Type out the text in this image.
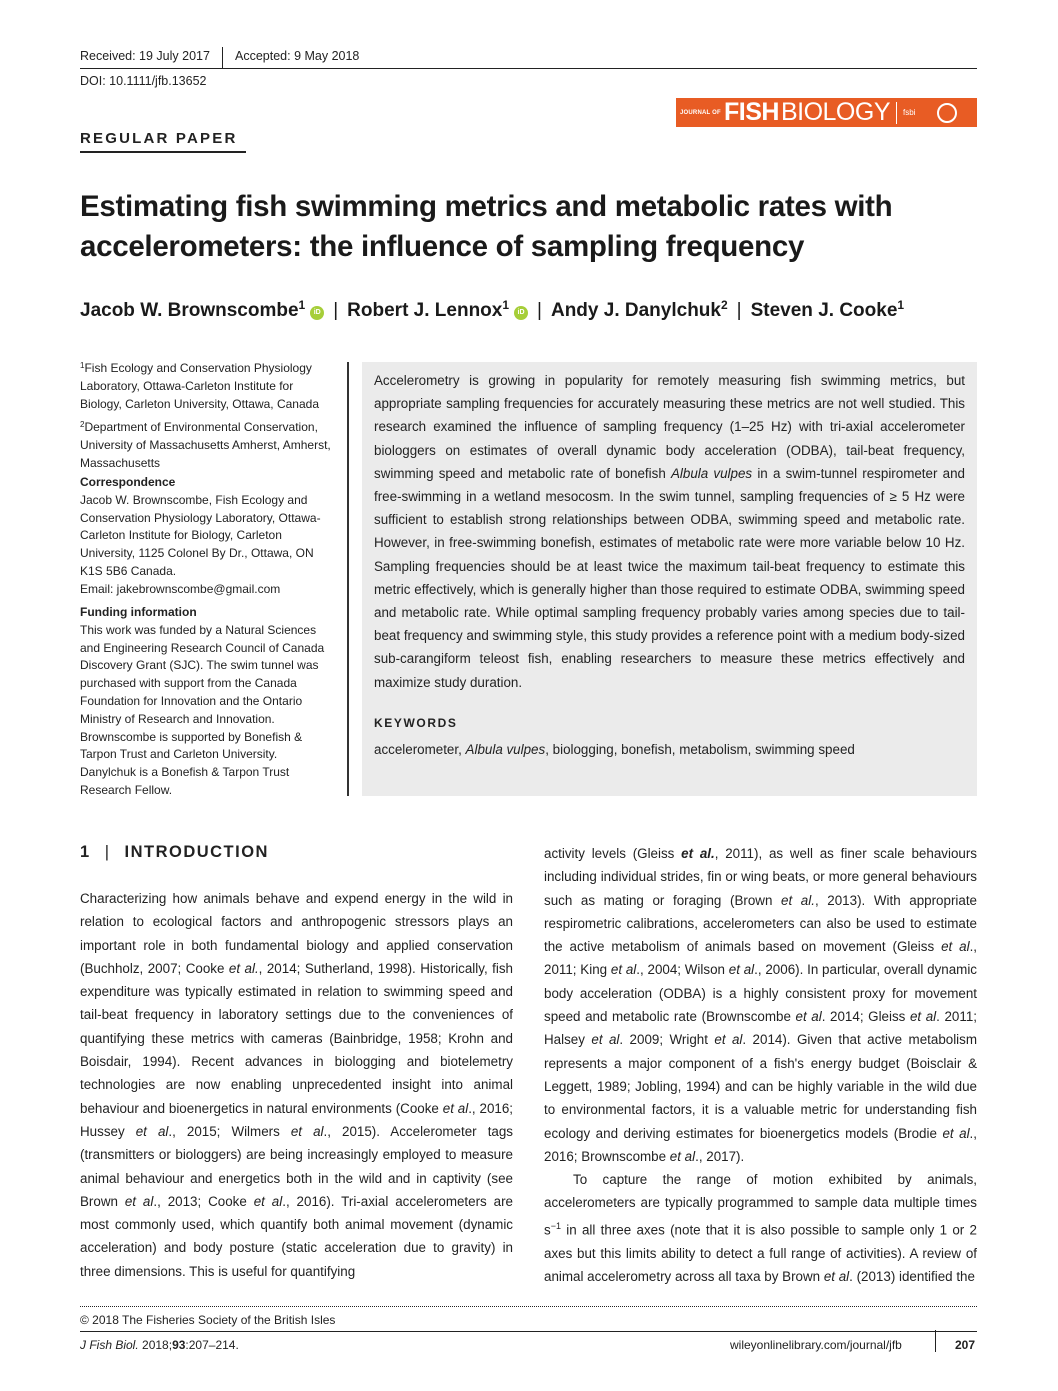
Received: 19 July 2017 Accepted: 9 May 2018
DOI: 10.1111/jfb.13652
JOURNAL OF FISH BIOLOGY fsbi
REGULAR PAPER
Estimating fish swimming metrics and metabolic rates with accelerometers: the influence of sampling frequency
Jacob W. Brownscombe$^1$iD | Robert J. Lennox$^1$iD | Andy J. Danylchuk$^2$ | Steven J. Cooke$^1$
$^1$Fish Ecology and Conservation Physiology Laboratory, Ottawa-Carleton Institute for Biology, Carleton University, Ottawa, Canada
$^2$Department of Environmental Conservation, University of Massachusetts Amherst, Amherst, Massachusetts
Correspondence
Jacob W. Brownscombe, Fish Ecology and Conservation Physiology Laboratory, Ottawa-Carleton Institute for Biology, Carleton University, 1125 Colonel By Dr., Ottawa, ON K1S 5B6 Canada.
Email: jakebrownscombe@gmail.com
Funding information
This work was funded by a Natural Sciences and Engineering Research Council of Canada Discovery Grant (SJC). The swim tunnel was purchased with support from the Canada Foundation for Innovation and the Ontario Ministry of Research and Innovation. Brownscombe is supported by Bonefish & Tarpon Trust and Carleton University. Danylchuk is a Bonefish & Tarpon Trust Research Fellow.
Accelerometry is growing in popularity for remotely measuring fish swimming metrics, but appropriate sampling frequencies for accurately measuring these metrics are not well studied. This research examined the influence of sampling frequency (1–25 Hz) with tri-axial accelerometer biologgers on estimates of overall dynamic body acceleration (ODBA), tail-beat frequency, swimming speed and metabolic rate of bonefish Albula vulpes in a swim-tunnel respirometer and free-swimming in a wetland mesocosm. In the swim tunnel, sampling frequencies of ≥ 5 Hz were sufficient to establish strong relationships between ODBA, swimming speed and metabolic rate. However, in free-swimming bonefish, estimates of metabolic rate were more variable below 10 Hz. Sampling frequencies should be at least twice the maximum tail-beat frequency to estimate this metric effectively, which is generally higher than those required to estimate ODBA, swimming speed and metabolic rate. While optimal sampling frequency probably varies among species due to tail-beat frequency and swimming style, this study provides a reference point with a medium body-sized sub-carangiform teleost fish, enabling researchers to measure these metrics effectively and maximize study duration.
KEYWORDS
accelerometer, Albula vulpes, biologging, bonefish, metabolism, swimming speed
1 | INTRODUCTION

Characterizing how animals behave and expend energy in the wild in relation to ecological factors and anthropogenic stressors plays an important role in both fundamental biology and applied conservation (Buchholz, 2007; Cooke et al., 2014; Sutherland, 1998). Historically, fish expenditure was typically estimated in relation to swimming speed and tail-beat frequency in laboratory settings due to the conveniences of quantifying these metrics with cameras (Bainbridge, 1958; Krohn and Boisdair, 1994). Recent advances in biologging and biotelemetry technologies are now enabling unprecedented insight into animal behaviour and bioenergetics in natural environments (Cooke et al., 2016; Hussey et al., 2015; Wilmers et al., 2015). Accelerometer tags (transmitters or biologgers) are being increasingly employed to measure animal behaviour and energetics both in the wild and in captivity (see Brown et al., 2013; Cooke et al., 2016). Tri-axial accelerometers are most commonly used, which quantify both animal movement (dynamic acceleration) and body posture (static acceleration due to gravity) in three dimensions. This is useful for quantifying

activity levels (Gleiss et al., 2011), as well as finer scale behaviours including individual strides, fin or wing beats, or more general behaviours such as mating or foraging (Brown et al., 2013). With appropriate respirometric calibrations, accelerometers can also be used to estimate the active metabolism of animals based on movement (Gleiss et al., 2011; King et al., 2004; Wilson et al., 2006). In particular, overall dynamic body acceleration (ODBA) is a highly consistent proxy for movement speed and metabolic rate (Brownscombe et al. 2014; Gleiss et al. 2011; Halsey et al. 2009; Wright et al. 2014). Given that active metabolism represents a major component of a fish's energy budget (Boisclair & Leggett, 1989; Jobling, 1994) and can be highly variable in the wild due to environmental factors, it is a valuable metric for understanding fish ecology and deriving estimates for bioenergetics models (Brodie et al., 2016; Brownscombe et al., 2017).

To capture the range of motion exhibited by animals, accelerometers are typically programmed to sample data multiple times $s^{-1}$ in all three axes (note that it is also possible to sample only 1 or 2 axes but this limits ability to detect a full range of activities). A review of animal accelerometry across all taxa by Brown et al. (2013) identified the

© 2018 The Fisheries Society of the British Isles
J Fish Biol. 2018;93:207–214.	wileyonlinelibrary.com/journal/jfb	207
